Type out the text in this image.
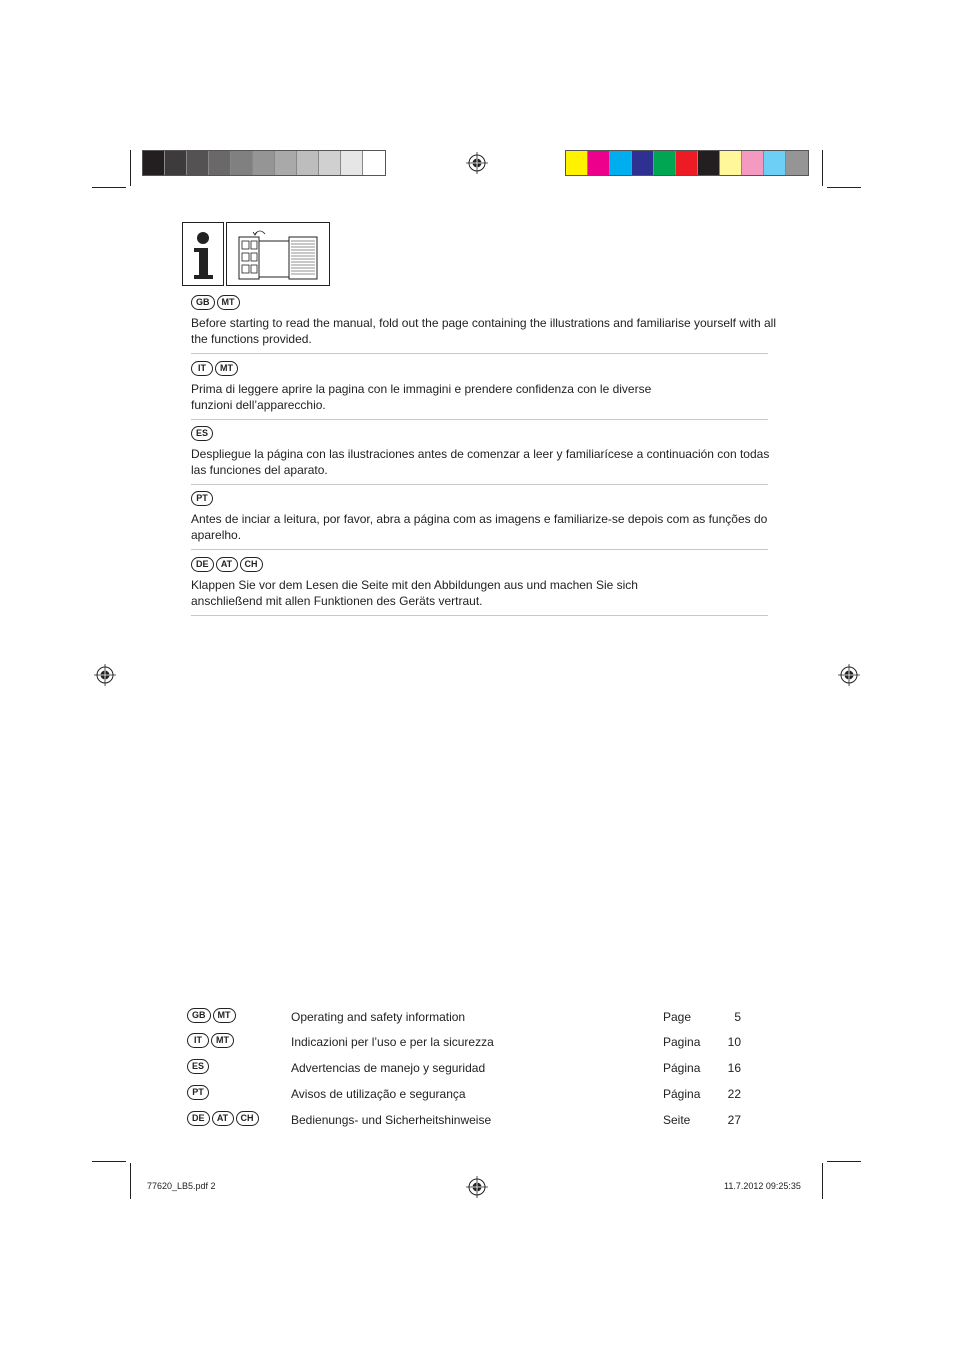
GB	MT

Before starting to read the manual, fold out the page containing the illustrations and familiarise yourself with all
the functions provided.

IT	MT

Prima di leggere aprire la pagina con le immagini e prendere confidenza con le diverse
funzioni dell’apparecchio.

ES

Despliegue la página con las ilustraciones antes de comenzar a leer y familiarícese a continuación con todas
las funciones del aparato.

PT

Antes de inciar a leitura, por favor, abra a página com as imagens e familiarize-se depois com as funções do
aparelho.

DE	AT	CH

Klappen Sie vor dem Lesen die Seite mit den Abbildungen aus und machen Sie sich
anschließend mit allen Funktionen des Geräts vertraut.

GB	MT	Operating and safety information	Page	5
IT	MT	Indicazioni per l’uso e per la sicurezza	Pagina 10
ES	Advertencias de manejo y seguridad	Página 16
PT	Avisos de utilização e segurança	Página 22
DE	AT	CH	Bedienungs- und Sicherheitshinweise	Seite	27
77620_LB5.pdf 2	11.7.2012 09:25:35
